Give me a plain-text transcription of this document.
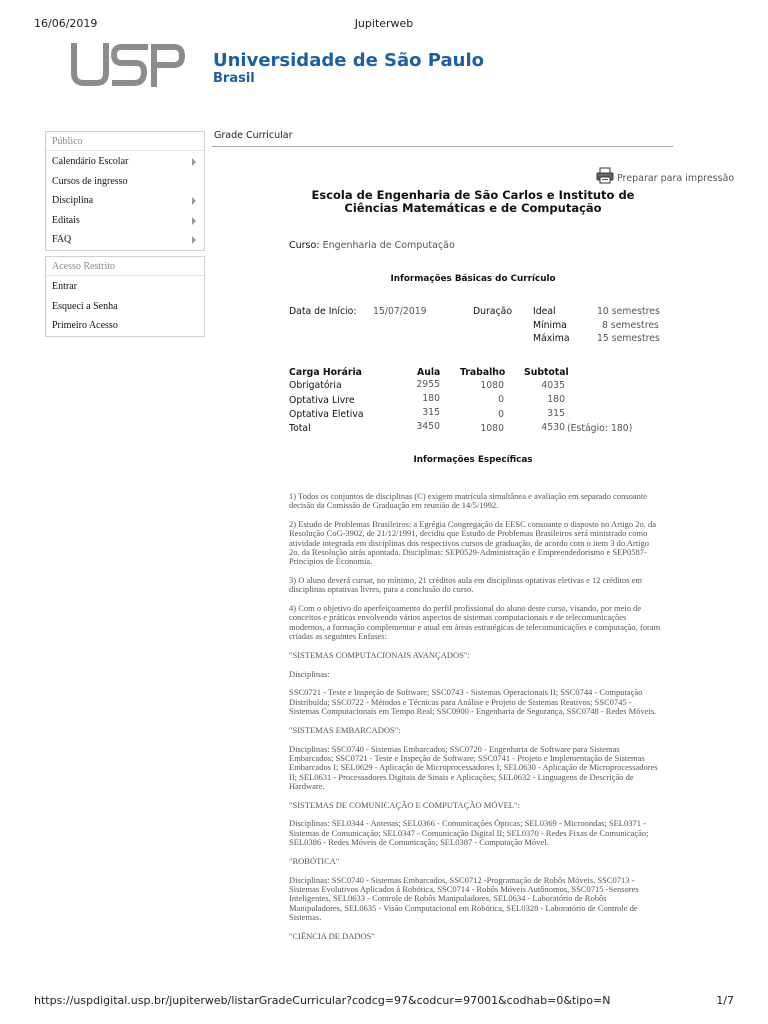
16/06/2019	Jupiterweb
https://uspdigital.usp.br/jupiterweb/listarGradeCurricular?codcg=97&codcur=97001&codhab=0&tipo=N	1/7
Universidade de São Paulo
Brasil
Público
Calendário Escolar
Cursos de ingresso
Disciplina
Editais
FAQ
Acesso Restrito
Entrar
Esqueci a Senha
Primeiro Acesso
Grade Curricular
Preparar para impressão
Escola de Engenharia de São Carlos e Instituto de Ciências Matemáticas e de Computação
Curso: Engenharia de Computação
Informações Básicas do Currículo
Data de Início: 15/07/2019	Duração Ideal	10 semestres
Mínima	8 semestres
Máxima	15 semestres
Carga Horária	Aula Trabalho Subtotal
Obrigatória	2955	1080	4035
Optativa Livre	180	0	180
Optativa Eletiva	315	0	315
Total	3450	1080	4530 (Estágio: 180)
Informações Específicas

1) Todos os conjuntos de disciplinas (C) exigem matrícula simultânea e avaliação em separado consoante decisão da Comissão de Graduação em reunião de 14/5/1992.

2) Estudo de Problemas Brasileiros: a Egrégia Congregação da EESC consoante o disposto no Artigo 2o. da Resolução CoG-3902, de 21/12/1991, decidiu que Estudo de Problemas Brasileiros será ministrado como atividade integrada em disciplinas dos respectivos cursos de graduação, de acordo com o item 3 do Artigo 2o. da Resolução atrás apontada. Disciplinas: SEP0529-Administração e Empreendedorismo e SEP0587-Princípios de Economia.

3) O aluno deverá cursar, no mínimo, 21 créditos aula em disciplinas optativas eletivas e 12 créditos em disciplinas optativas livres, para a conclusão do curso.

4) Com o objetivo do aperfeiçoamento do perfil profissional do aluno deste curso, visando, por meio de conceitos e práticas envolvendo vários aspectos de sistemas computacionais e de telecomunicações modernos, a formação complementar e atual em áreas estratégicas de telecomunicações e computação, foram criadas as seguintes Enfases:

"SISTEMAS COMPUTACIONAIS AVANÇADOS":

Disciplinas:

SSC0721 - Teste e Inspeção de Software; SSC0743 - Sistemas Operacionais II; SSC0744 - Computação Distribuída; SSC0722 - Métodos e Técnicas para Análise e Projeto de Sistemas Reativos; SSC0745 -Sistemas Computacionais em Tempo Real; SSC0900 - Engenharia de Segurança, SSC0748 - Redes Móveis.

"SISTEMAS EMBARCADOS":

Disciplinas: SSC0740 - Sistemas Embarcados; SSC0720 - Engenharia de Software para Sistemas Embarcados; SSC0721 - Teste e Inspeção de Software; SSC0741 - Projeto e Implementação de Sistemas Embarcados I; SEL0629 - Aplicação de Microprocessadores I; SEL0630 - Aplicação de Microprocessadores II; SEL0631 - Processadores Digitais de Sinais e Aplicações; SEL0632 - Linguagens de Descrição de Hardware.

"SISTEMAS DE COMUNICAÇÃO E COMPUTAÇÃO MÓVEL":

Disciplinas: SEL0344 - Antenas; SEL0366 - Comunicações Ópticas; SEL0369 - Microondas; SEL0371 -Sistemas de Comunicação; SEL0347 - Comunicação Digital II; SEL0370 - Redes Fixas de Comunicação; SEL0386 - Redes Móveis de Comunicação; SEL0387 - Computação Móvel.

"ROBÓTICA"

Disciplinas: SSC0740 - Sistemas Embarcados, SSC0712 -Programação de Robôs Móveis, SSC0713 - Sistemas Evolutivos Aplicados à Robótica, SSC0714 - Robôs Móveis Autônomos, SSC0715 -Sensores Inteligentes, SEL0633 - Controle de Robôs Manipuladores, SEL0634 - Laboratório de Robôs Manipuladores, SEL0635 - Visão Computacional em Robótica, SEL0328 - Laboratório de Controle de Sistemas.

"CIÊNCIA DE DADOS"
